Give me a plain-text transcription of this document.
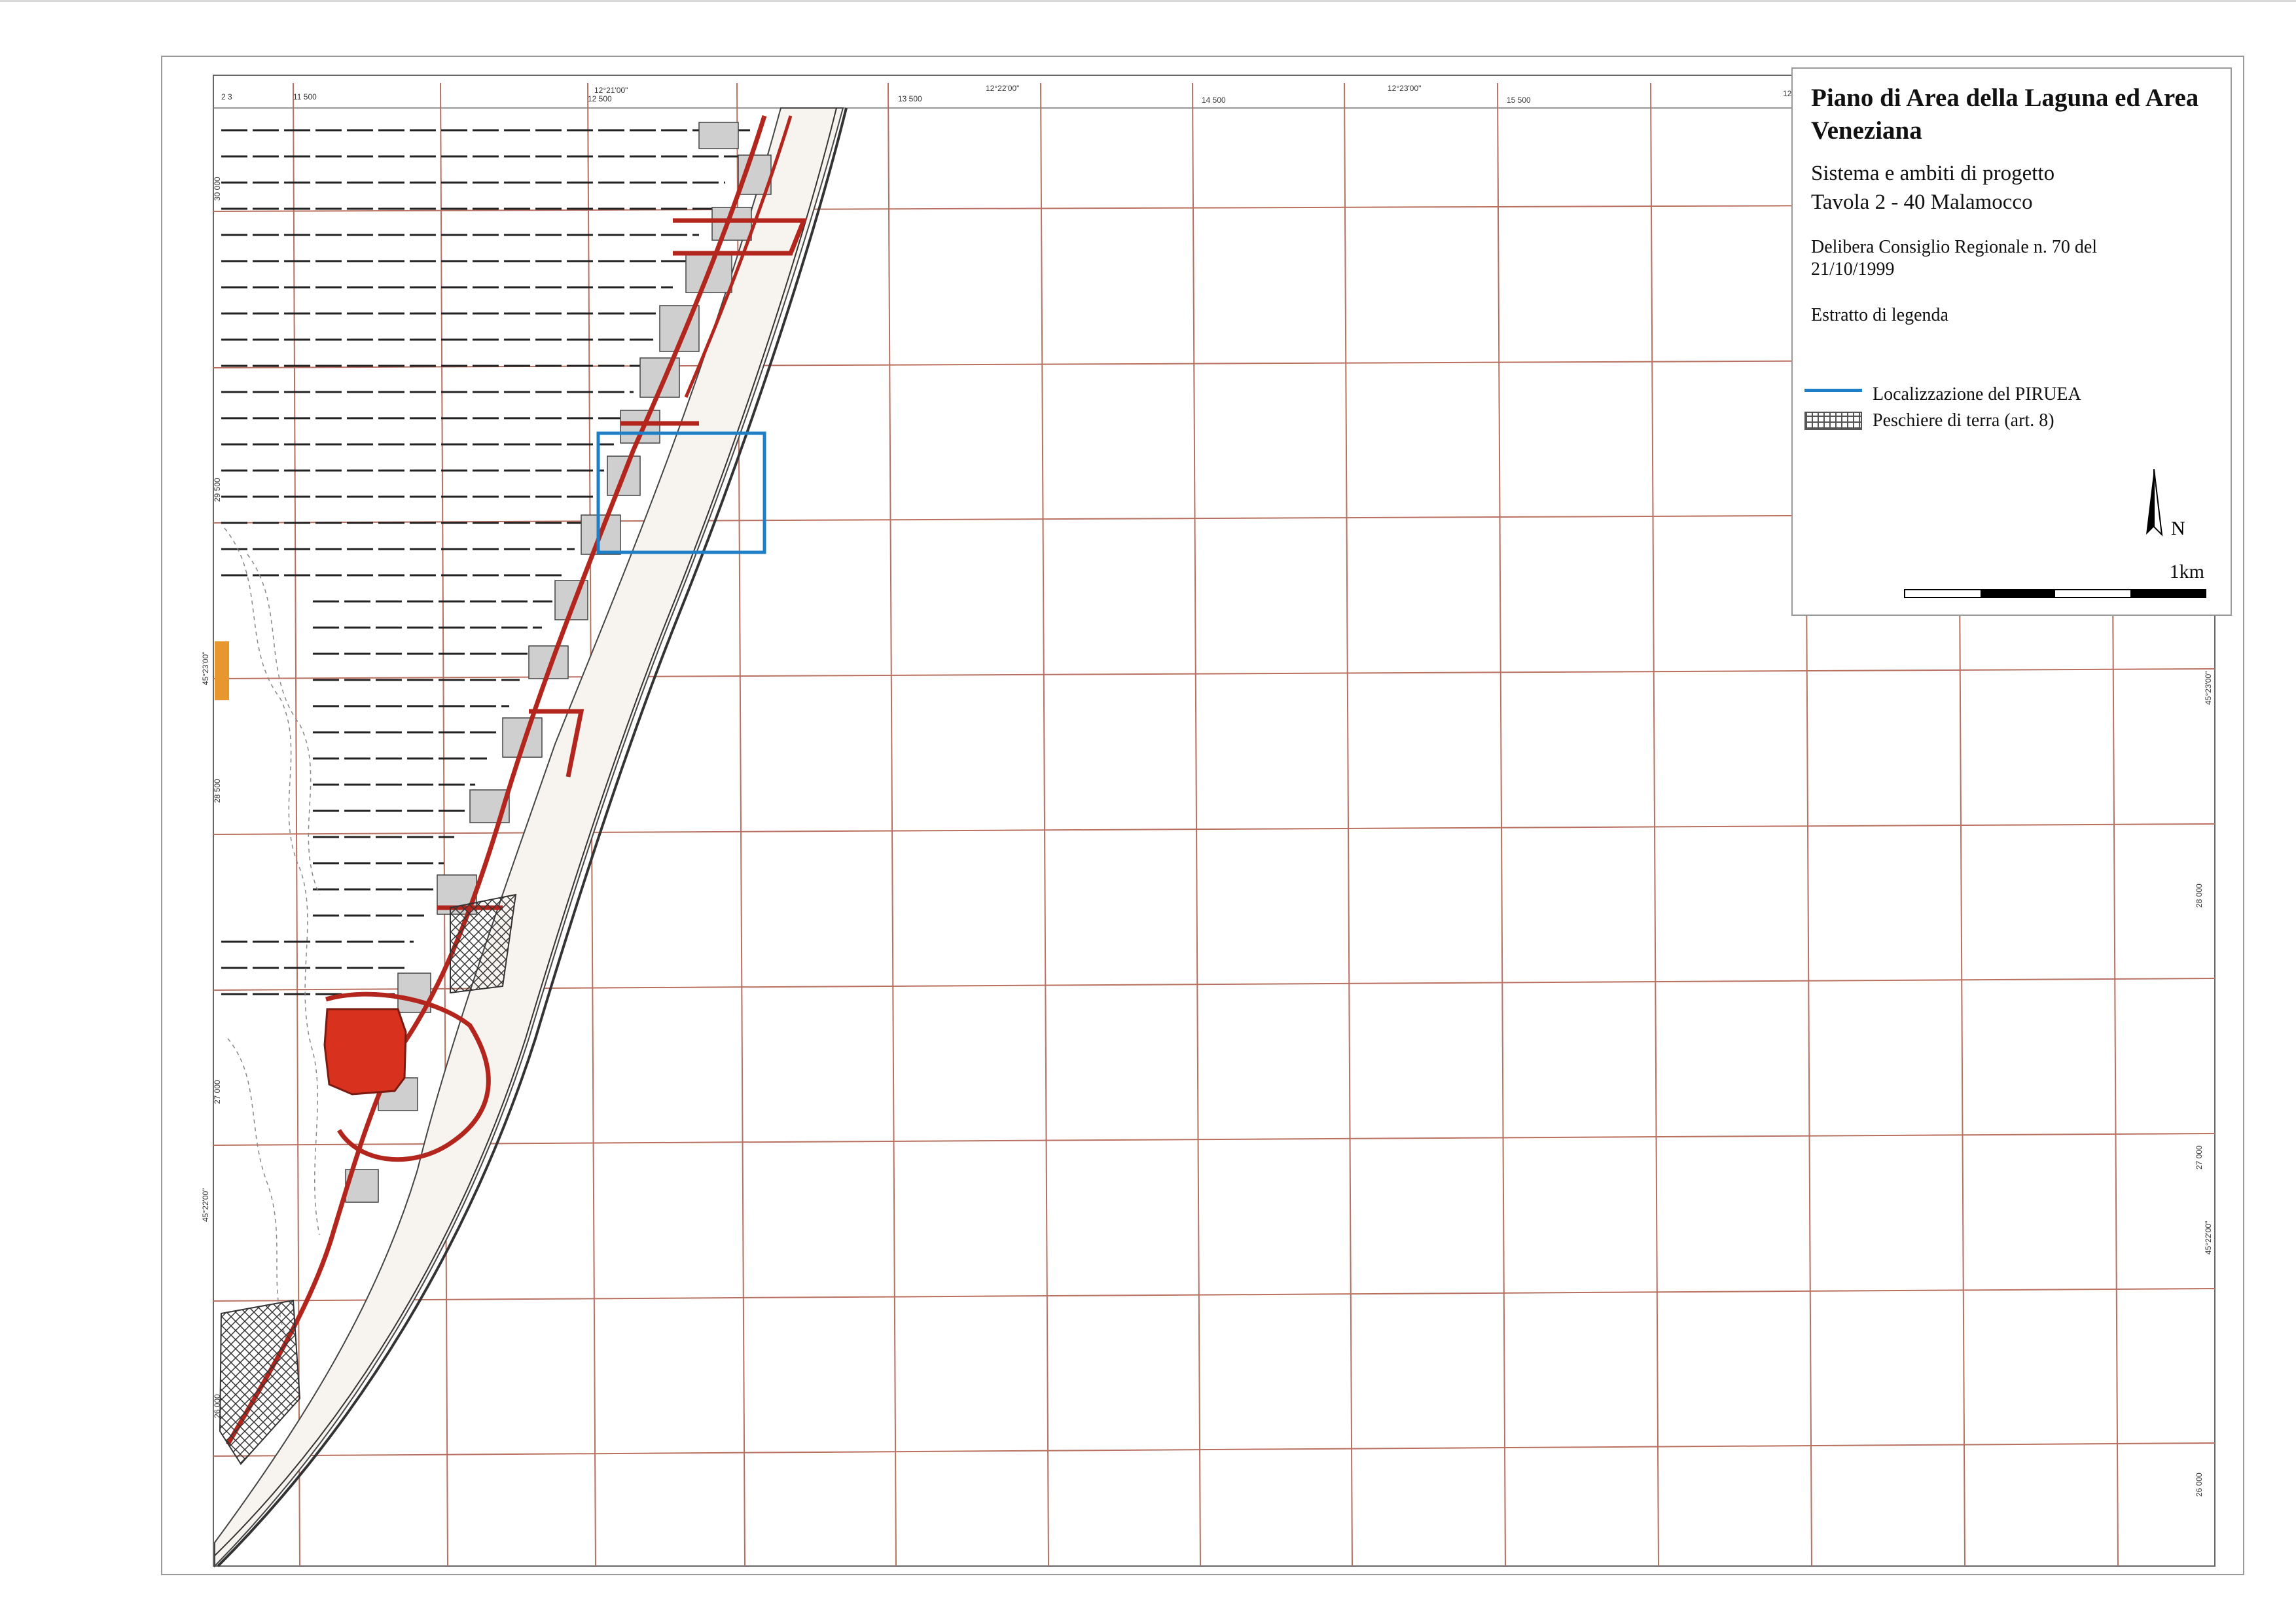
2 3	11 500
12°21'00"
12 500
12°22'00"
13 500	14 500
12°23'00"
15 500
12
30 000
29 500
45°23'00"
28 500
27 000
45°22'00"
26 000
45°23'00"
28 000
27 000
45°22'00"
26 000
Piano di Area della Laguna ed Area Veneziana

Sistema e ambiti di progetto

Tavola 2 - 40 Malamocco

Delibera Consiglio Regionale n. 70 del

21/10/1999

Estratto di legenda

Localizzazione del PIRUEA
Peschiere di terra (art. 8)
N
1km
